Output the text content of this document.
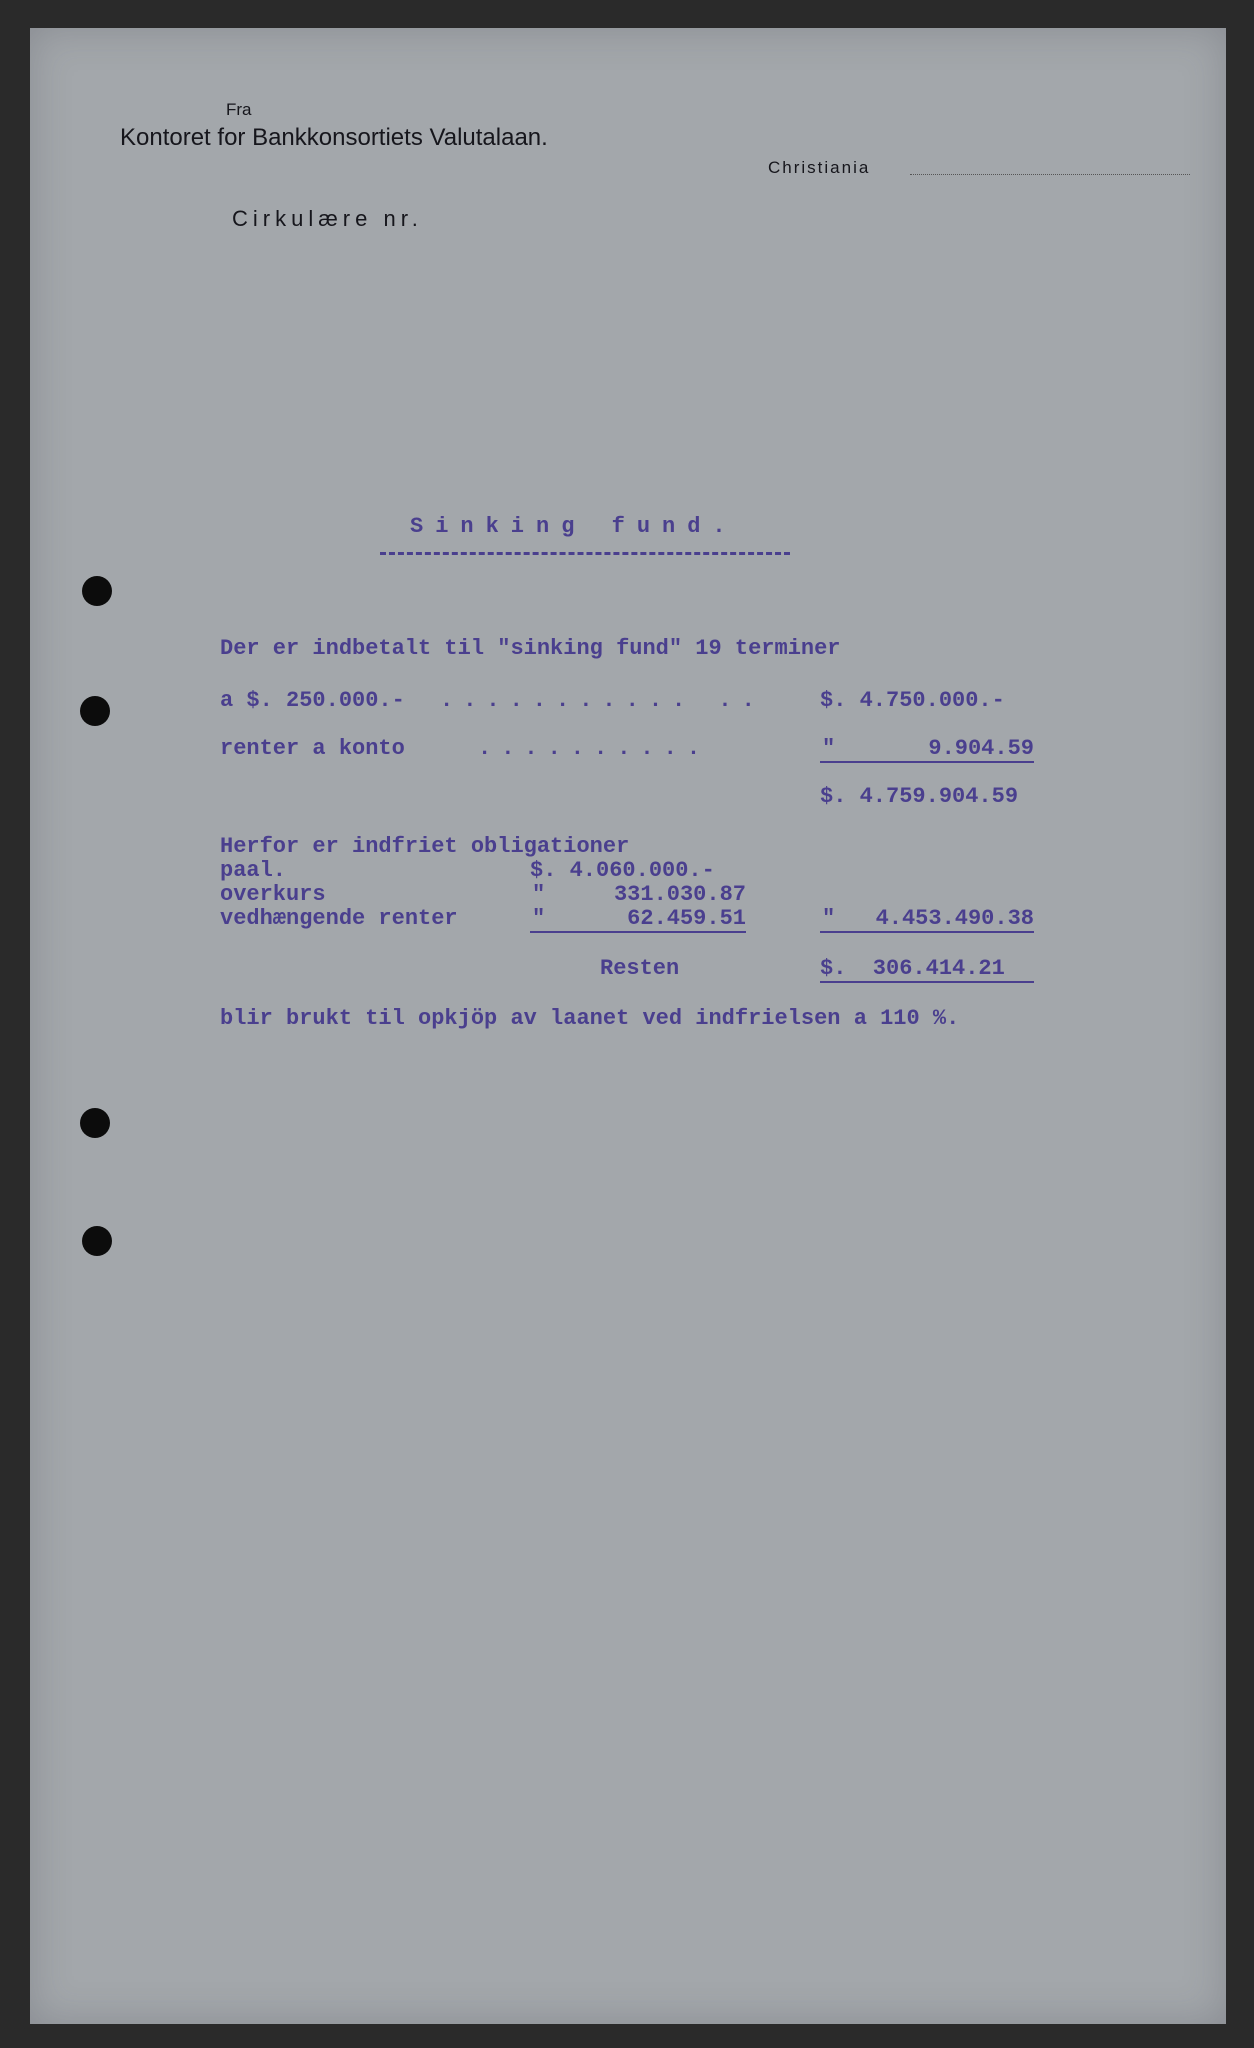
Fra
Kontoret for Bankkonsortiets Valutalaan.
Christiania
Cirkulære nr.
Sinking fund.
Der er indbetalt til "sinking fund" 19 terminer
a $. 250.000.- ........... ..	$. 4.750.000.-
renter a konto	..........	"	9.904.59
$. 4.759.904.59
Herfor er indfriet obligationer
paal.	$. 4.060.000.-
overkurs	"	331.030.87
vedhængende renter	"	62.459.51	"	4.453.490.38
Resten	$.  306.414.21
blir brukt til opkjöp av laanet ved indfrielsen a 110 %.
